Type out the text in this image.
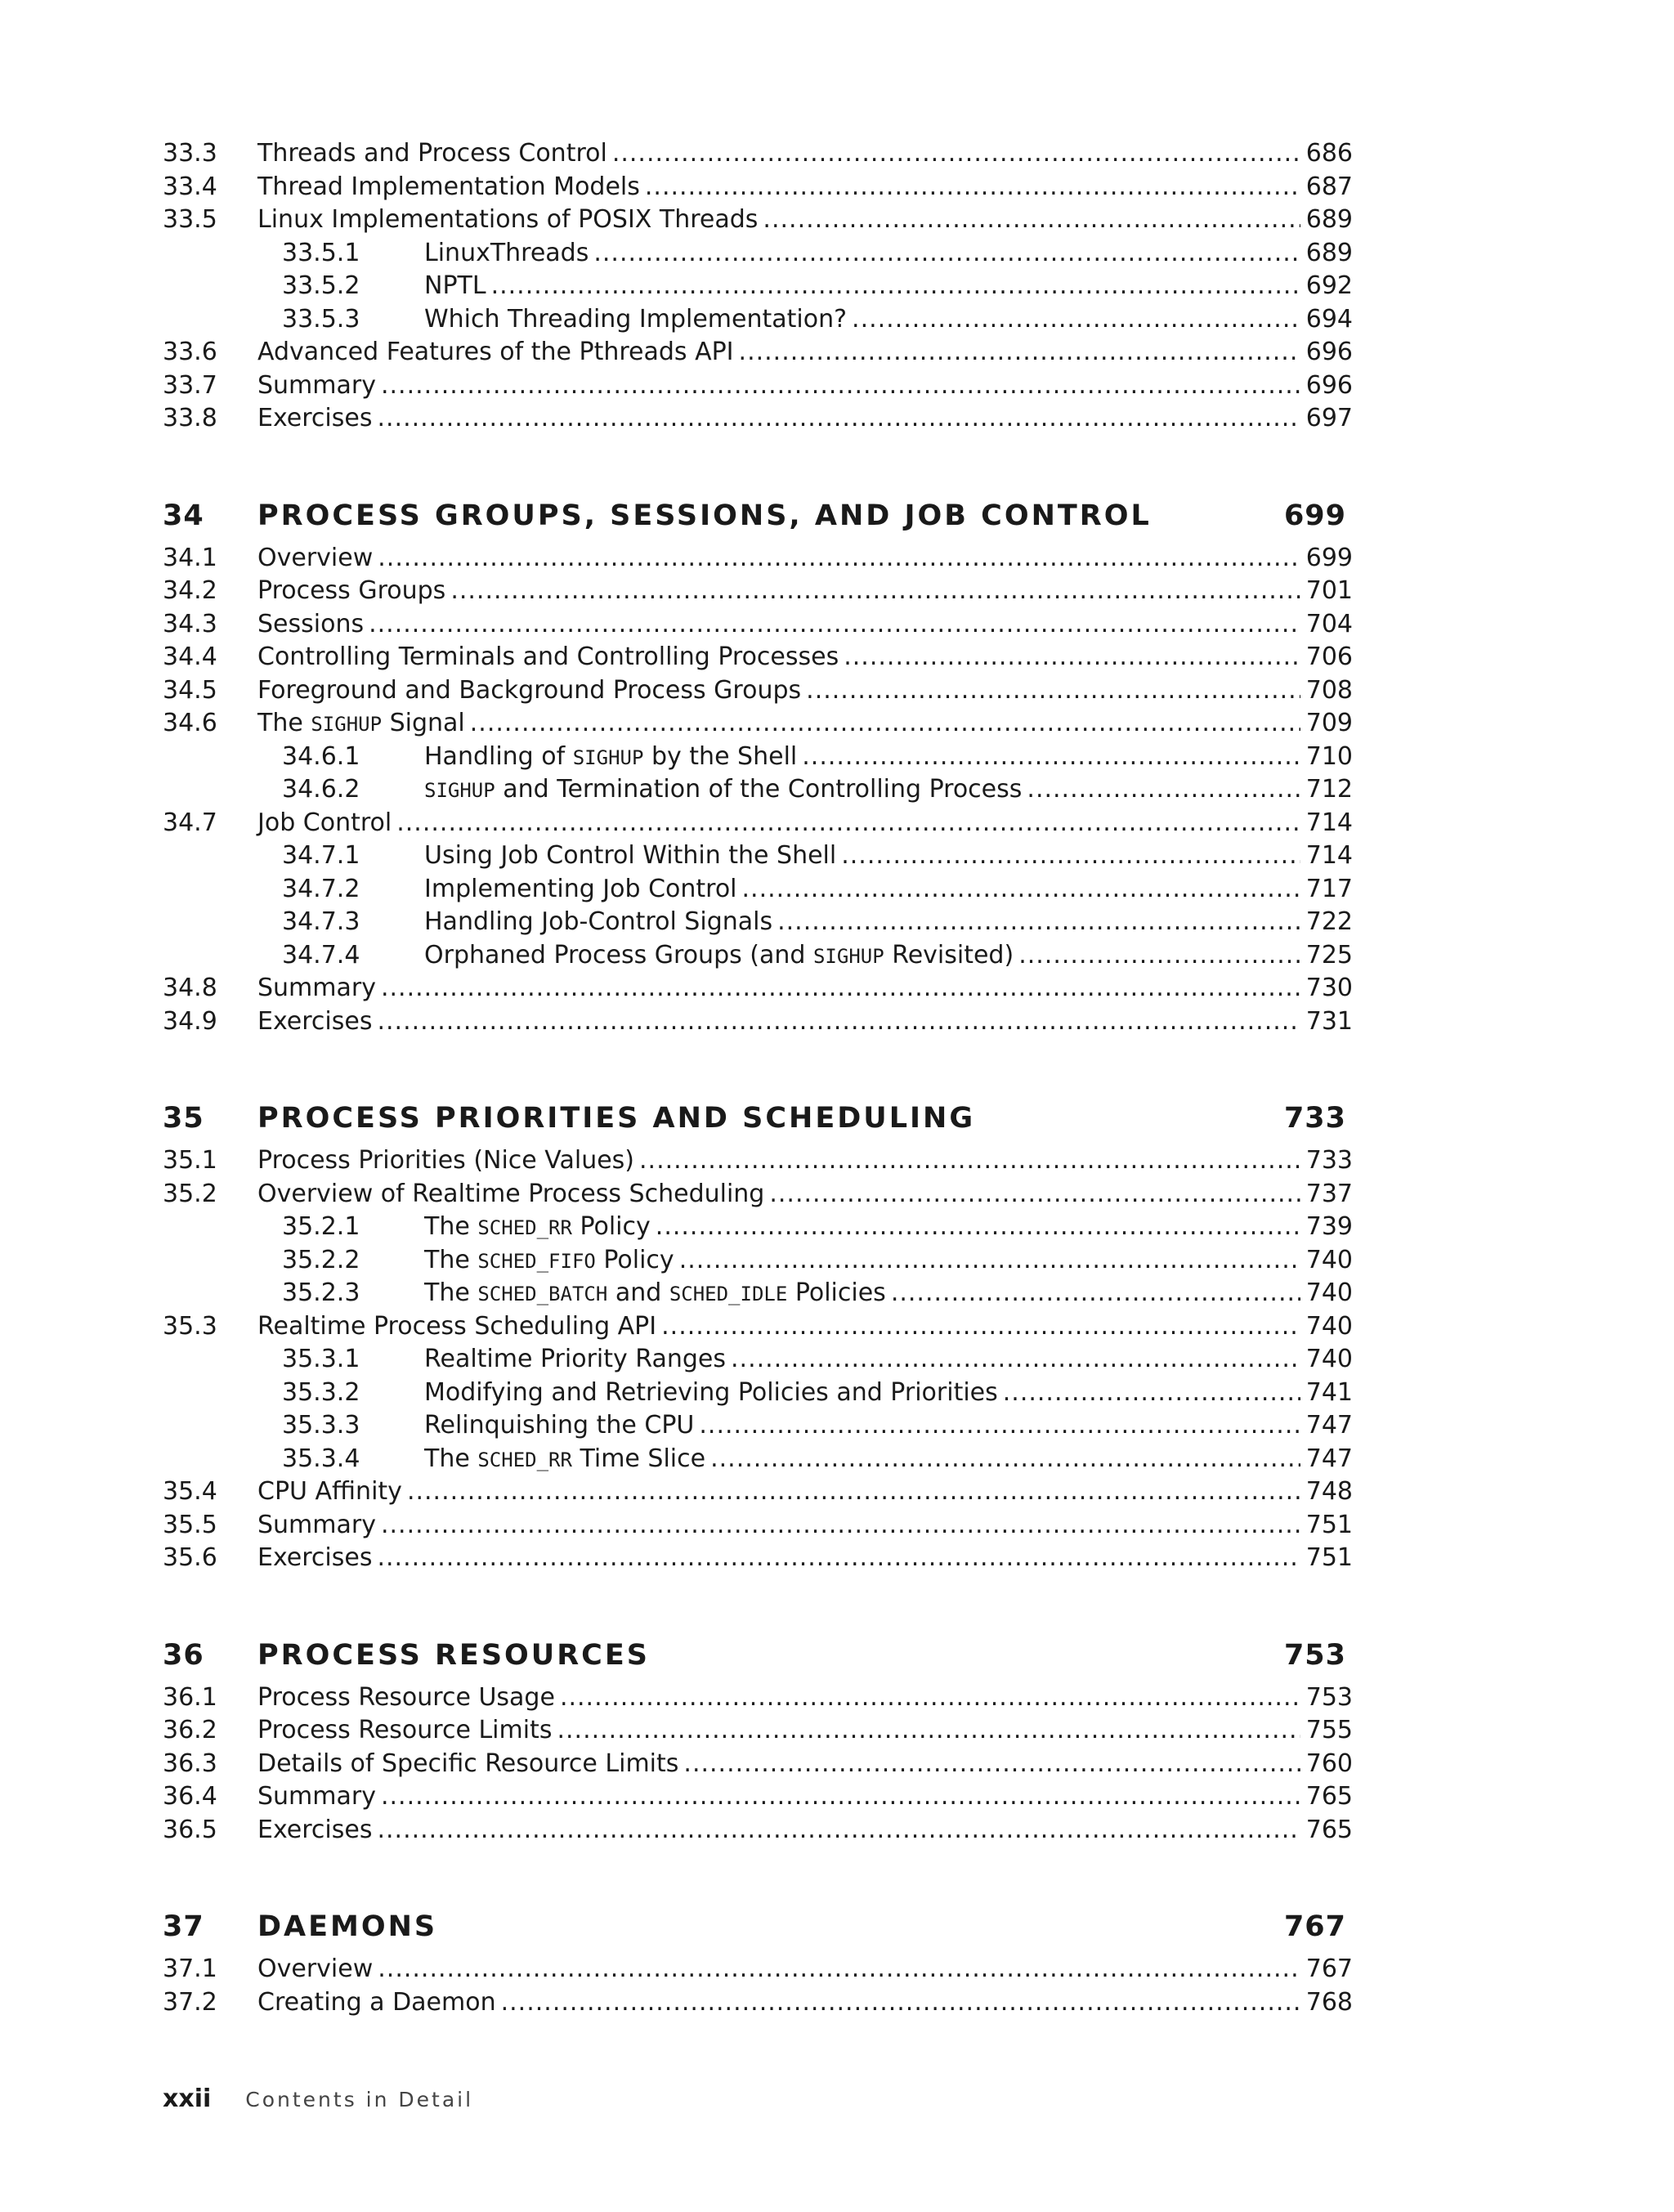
33.3 Threads and Process Control .....	686
33.4 Thread Implementation Models .....	687
33.5 Linux Implementations of POSIX Threads .....	689
33.5.1	LinuxThreads .....	689
33.5.2	NPTL .....	692
33.5.3	Which Threading Implementation? .....	694
33.6 Advanced Features of the Pthreads API .....	696
33.7 Summary .....	696
33.8 Exercises .....	697
34 PROCESS GROUPS, SESSIONS, AND JOB CONTROL	699
34.1 Overview .....	699
34.2 Process Groups .....	701
34.3 Sessions .....	704
34.4 Controlling Terminals and Controlling Processes .....	706
34.5 Foreground and Background Process Groups .....	708
34.6 The SIGHUP Signal .....	709
34.6.1	Handling of SIGHUP by the Shell .....	710
34.6.2	SIGHUP and Termination of the Controlling Process .....	712
34.7 Job Control .....	714
34.7.1	Using Job Control Within the Shell .....	714
34.7.2	Implementing Job Control .....	717
34.7.3	Handling Job-Control Signals .....	722
34.7.4	Orphaned Process Groups (and SIGHUP Revisited) .....	725
34.8 Summary .....	730
34.9 Exercises .....	731
35 PROCESS PRIORITIES AND SCHEDULING	733
35.1 Process Priorities (Nice Values) .....	733
35.2 Overview of Realtime Process Scheduling .....	737
35.2.1	The SCHED_RR Policy .....	739
35.2.2	The SCHED_FIFO Policy .....	740
35.2.3	The SCHED_BATCH and SCHED_IDLE Policies .....	740
35.3 Realtime Process Scheduling API .....	740
35.3.1	Realtime Priority Ranges .....	740
35.3.2	Modifying and Retrieving Policies and Priorities .....	741
35.3.3	Relinquishing the CPU .....	747
35.3.4	The SCHED_RR Time Slice .....	747
35.4 CPU Affinity .....	748
35.5 Summary .....	751
35.6 Exercises .....	751
36 PROCESS RESOURCES	753
36.1 Process Resource Usage .....	753
36.2 Process Resource Limits .....	755
36.3 Details of Specific Resource Limits .....	760
36.4 Summary .....	765
36.5 Exercises .....	765
37 DAEMONS	767
37.1 Overview .....	767
37.2 Creating a Daemon .....	768
xxii Contents in Detail
